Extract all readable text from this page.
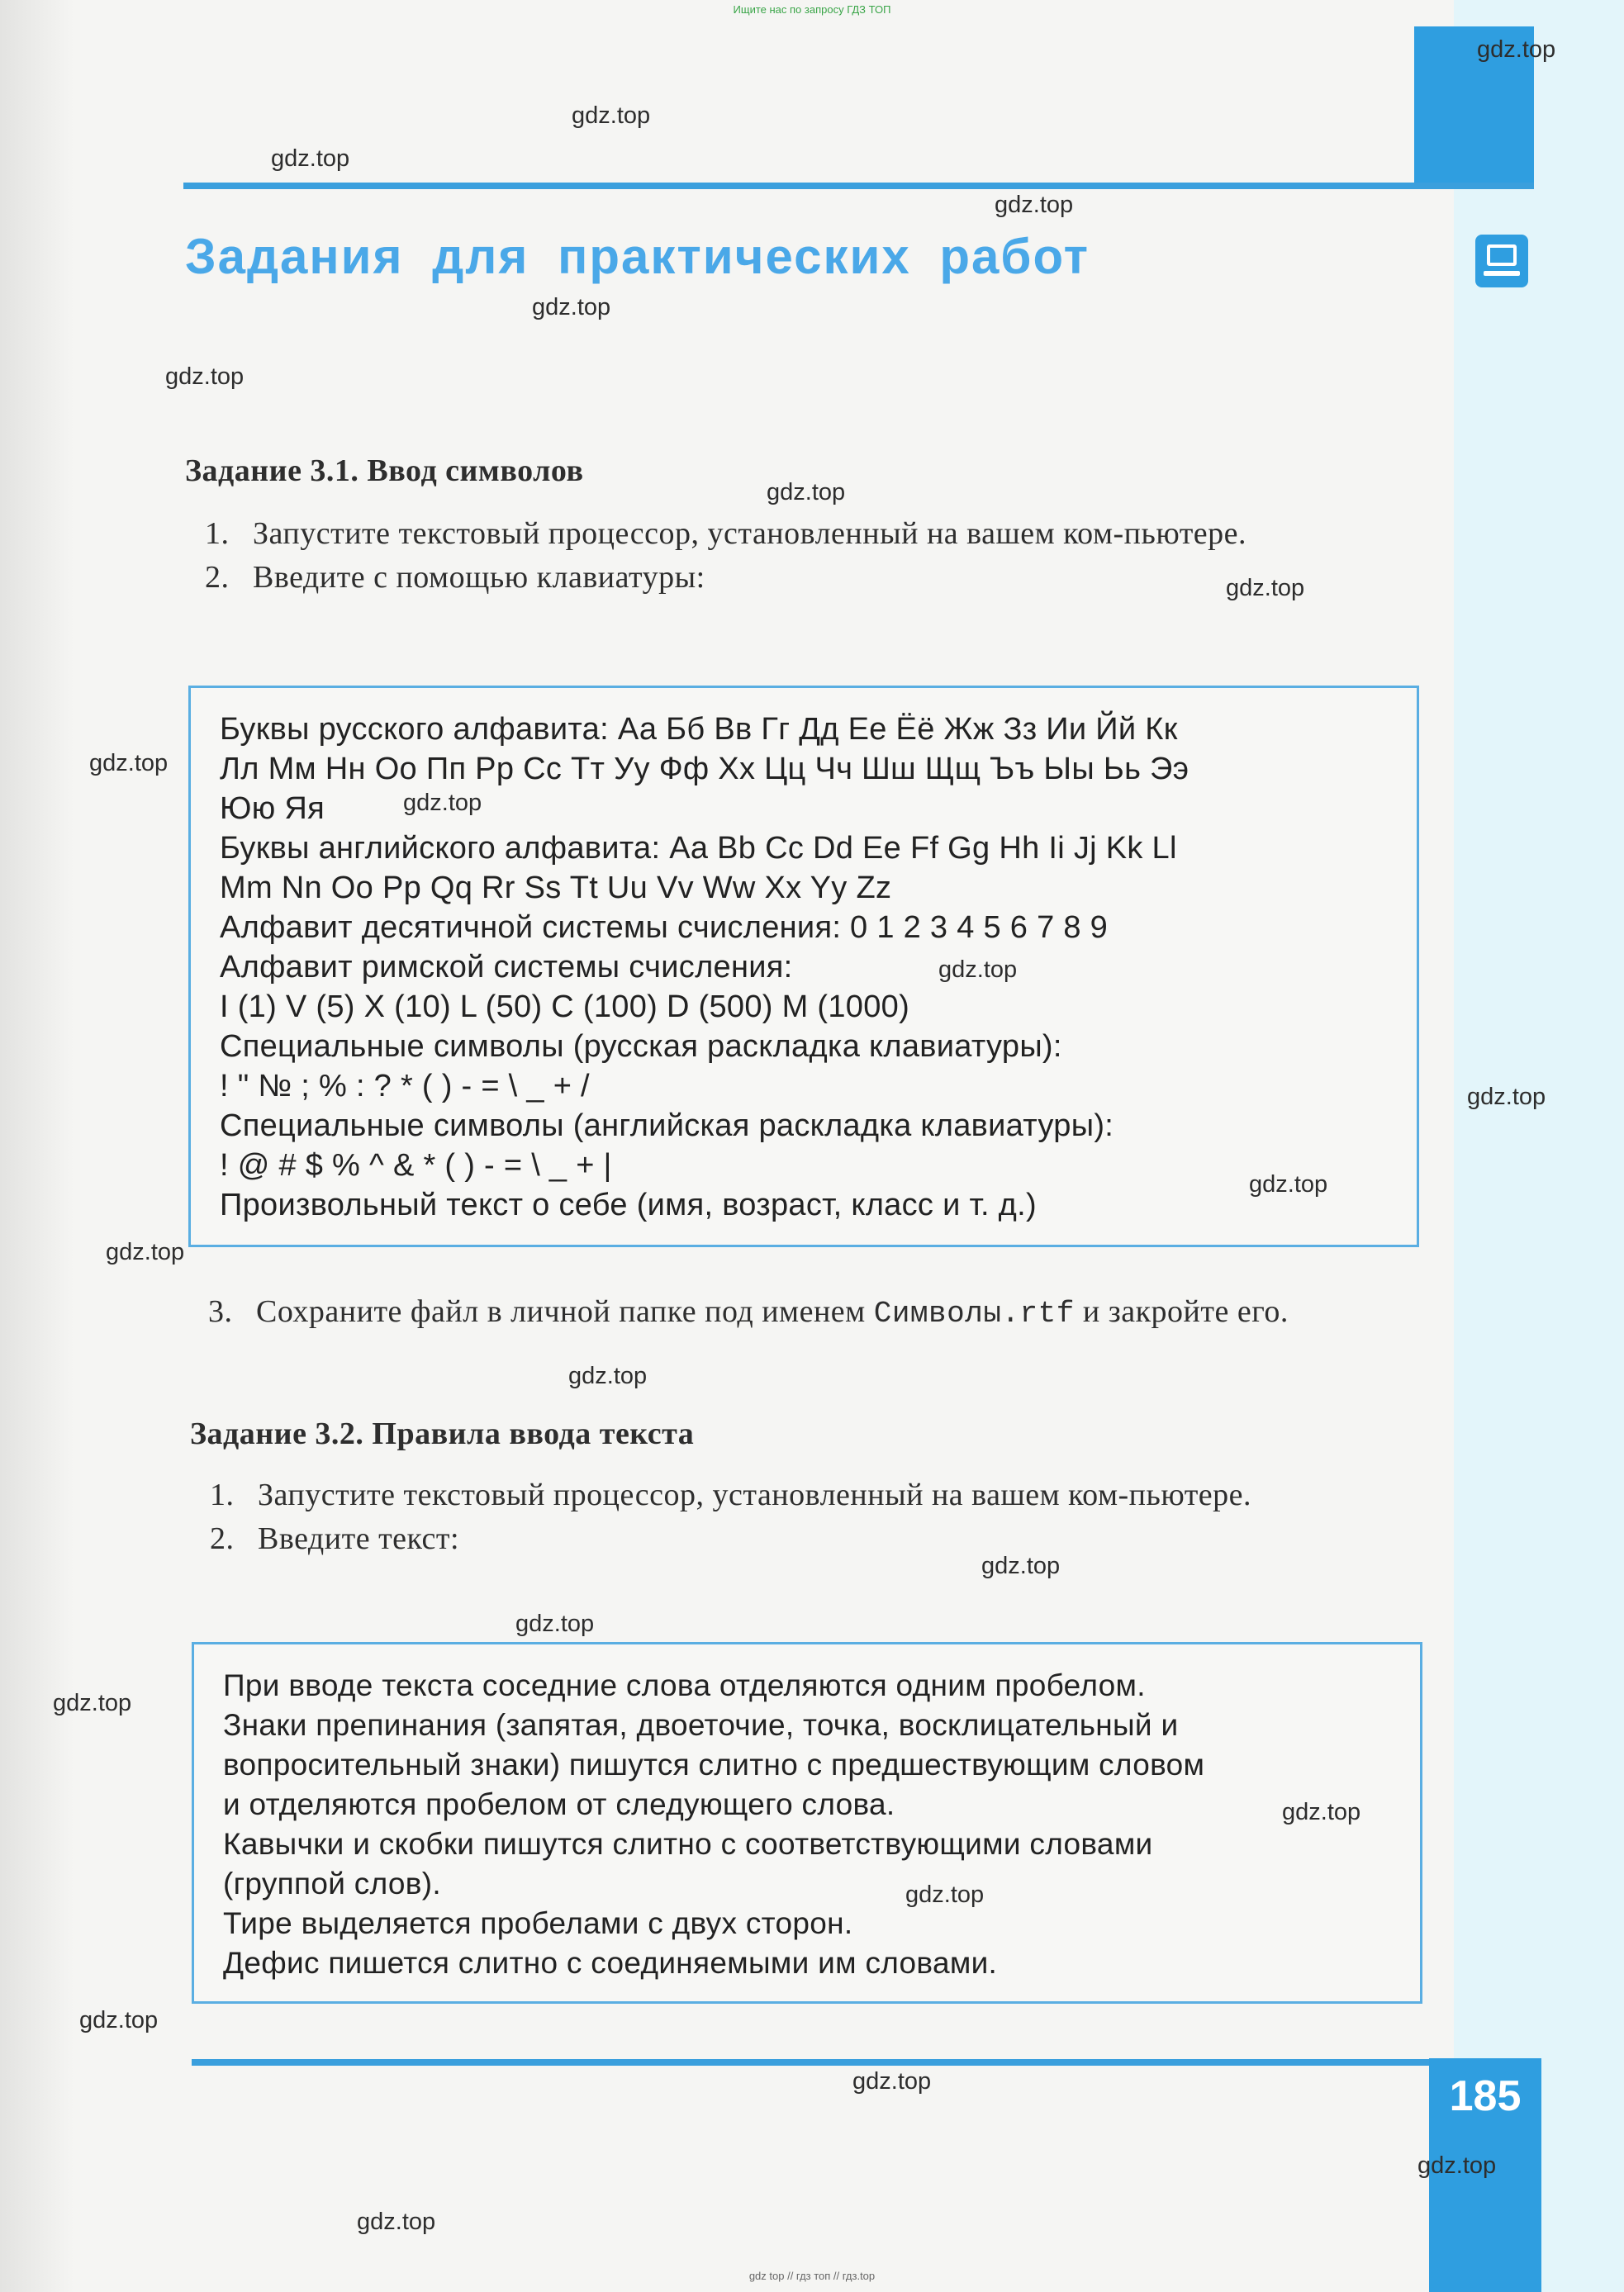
Ищите нас по запросу ГДЗ ТОП
Задания для практических работ
Задание 3.1. Ввод символов
1. Запустите текстовый процессор, установленный на вашем ком-пьютере.
2. Введите с помощью клавиатуры:
Буквы русского алфавита: Аа Бб Вв Гг Дд Ее Ёё Жж Зз Ии Йй Кк
Лл Мм Нн Оо Пп Рр Сс Тт Уу Фф Хх Цц Чч Шш Щщ Ъъ Ыы Ьь Ээ
Юю Яя
Буквы английского алфавита: Aa Bb Cc Dd Ee Ff Gg Hh Ii Jj Kk Ll
Mm Nn Oo Pp Qq Rr Ss Tt Uu Vv Ww Xx Yy Zz
Алфавит десятичной системы счисления: 0 1 2 3 4 5 6 7 8 9
Алфавит римской системы счисления:
I (1) V (5) X (10) L (50) C (100) D (500) M (1000)
Специальные символы (русская раскладка клавиатуры):
! " № ; % : ? * ( ) - = \ _ + /
Специальные символы (английская раскладка клавиатуры):
! @ # $ % ^ & * ( ) - = \ _ + |
Произвольный текст о себе (имя, возраст, класс и т. д.)
3. Сохраните файл в личной папке под именем Символы.rtf и закройте его.
Задание 3.2. Правила ввода текста
1. Запустите текстовый процессор, установленный на вашем ком-пьютере.
2. Введите текст:
При вводе текста соседние слова отделяются одним пробелом.
Знаки препинания (запятая, двоеточие, точка, восклицательный и
вопросительный знаки) пишутся слитно с предшествующим словом
и отделяются пробелом от следующего слова.
Кавычки и скобки пишутся слитно с соответствующими словами
(группой слов).
Тире выделяется пробелами с двух сторон.
Дефис пишется слитно с соединяемыми им словами.
185
gdz top // гдз топ // гдз.top
gdz.top
gdz.top
gdz.top
gdz.top
gdz.top
gdz.top
gdz.top
gdz.top
gdz.top
gdz.top
gdz.top
gdz.top
gdz.top
gdz.top
gdz.top
gdz.top
gdz.top
gdz.top
gdz.top
gdz.top
gdz.top
gdz.top
gdz.top
gdz.top
